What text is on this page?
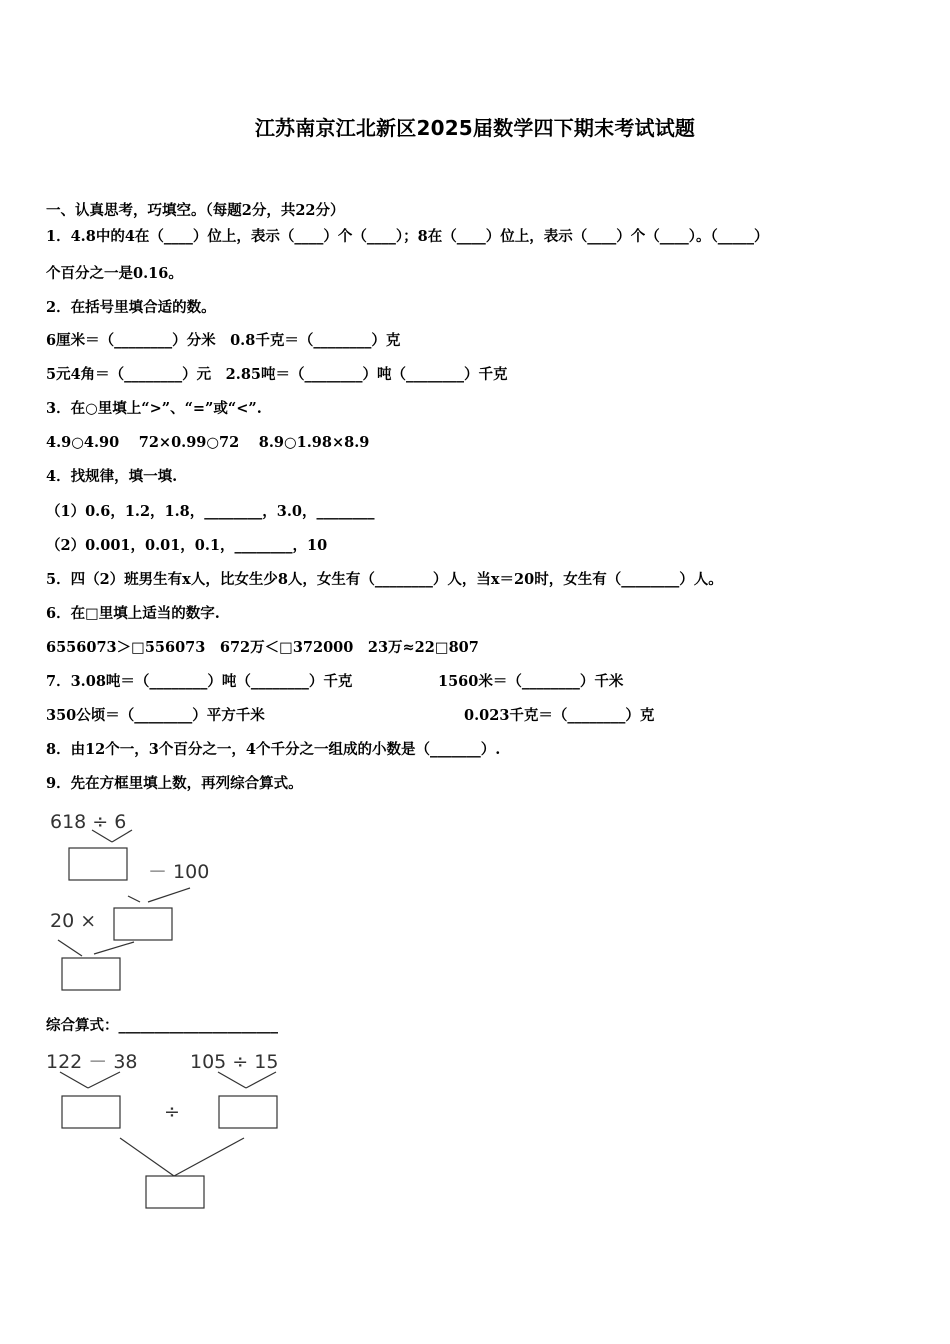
江苏南京江北新区2025届数学四下期末考试试题
一、认真思考，巧填空。（每题2分，共22分）
1．4.8中的4在（____）位上，表示（____）个（____）；8在（____）位上，表示（____）个（____）。（_____）
个百分之一是0.16。
2．在括号里填合适的数。
6厘米＝（________）分米　0.8千克＝（________）克
5元4角＝（________）元　2.85吨＝（________）吨（________）千克
3．在○里填上“>”、“=”或“<”.
4.9○4.90　 72×0.99○72　 8.9○1.98×8.9
4．找规律，填一填.
（1）0.6，1.2，1.8，________，3.0，________
（2）0.001，0.01，0.1，________，10
5．四（2）班男生有x人，比女生少8人，女生有（________）人，当x＝20时，女生有（________）人。
6．在□里填上适当的数字.
6556073＞□556073　672万＜□372000　23万≈22□807
7．3.08吨＝（________）吨（________）千克	1560米＝（________）千米
350公顷＝（________）平方千米	0.023千克＝（________）克
8．由12个一，3个百分之一，4个千分之一组成的小数是（_______）.
9．先在方框里填上数，再列综合算式。
618 ÷ 6
－ 100
20 ×
综合算式：______________________
122 － 38	105 ÷ 15
÷
